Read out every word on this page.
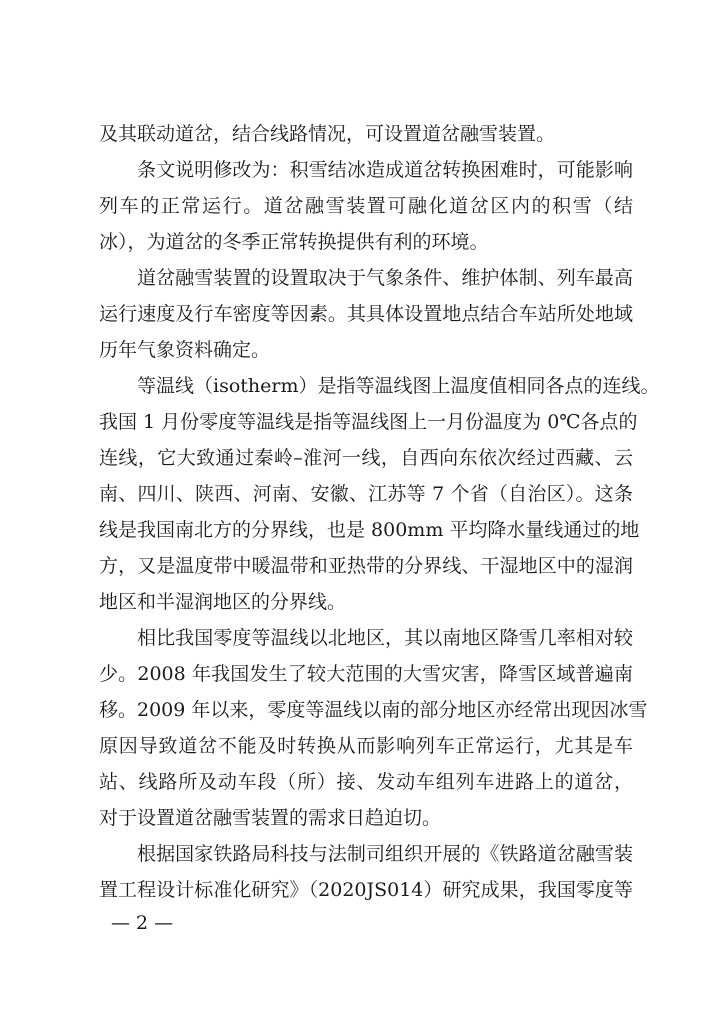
及其联动道岔，结合线路情况，可设置道岔融雪装置。
条文说明修改为：积雪结冰造成道岔转换困难时，可能影响
列车的正常运行。道岔融雪装置可融化道岔区内的积雪（结
冰），为道岔的冬季正常转换提供有利的环境。
道岔融雪装置的设置取决于气象条件、维护体制、列车最高
运行速度及行车密度等因素。其具体设置地点结合车站所处地域
历年气象资料确定。
等温线（isotherm）是指等温线图上温度值相同各点的连线。
我国 1 月份零度等温线是指等温线图上一月份温度为 0℃各点的
连线，它大致通过秦岭–淮河一线，自西向东依次经过西藏、云
南、四川、陕西、河南、安徽、江苏等 7 个省（自治区）。这条
线是我国南北方的分界线，也是 800mm 平均降水量线通过的地
方，又是温度带中暖温带和亚热带的分界线、干湿地区中的湿润
地区和半湿润地区的分界线。
相比我国零度等温线以北地区，其以南地区降雪几率相对较
少。2008 年我国发生了较大范围的大雪灾害，降雪区域普遍南
移。2009 年以来，零度等温线以南的部分地区亦经常出现因冰雪
原因导致道岔不能及时转换从而影响列车正常运行，尤其是车
站、线路所及动车段（所）接、发动车组列车进路上的道岔，
对于设置道岔融雪装置的需求日趋迫切。
根据国家铁路局科技与法制司组织开展的《铁路道岔融雪装
置工程设计标准化研究》（2020JS014）研究成果，我国零度等
— 2 —
